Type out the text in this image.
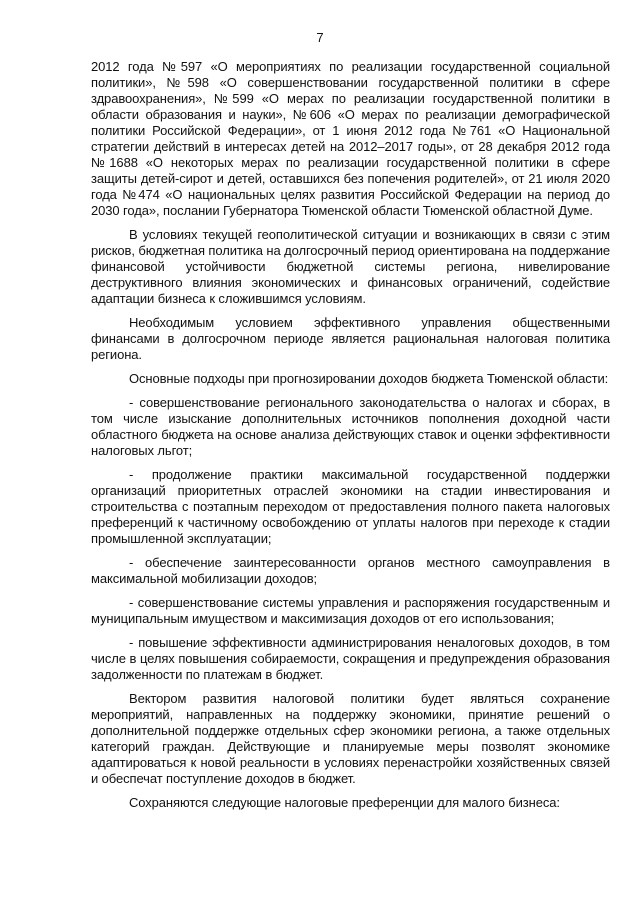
7

2012 года №597 «О мероприятиях по реализации государственной социальной политики», №598 «О совершенствовании государственной политики в сфере здравоохранения», №599 «О мерах по реализации государственной политики в области образования и науки», №606 «О мерах по реализации демографической политики Российской Федерации», от 1 июня 2012 года №761 «О Национальной стратегии действий в интересах детей на 2012–2017 годы», от 28 декабря 2012 года №1688 «О некоторых мерах по реализации государственной политики в сфере защиты детей-сирот и детей, оставшихся без попечения родителей», от 21 июля 2020 года №474 «О национальных целях развития Российской Федерации на период до 2030 года», послании Губернатора Тюменской области Тюменской областной Думе.

В условиях текущей геополитической ситуации и возникающих в связи с этим рисков, бюджетная политика на долгосрочный период ориентирована на поддержание финансовой устойчивости бюджетной системы региона, нивелирование деструктивного влияния экономических и финансовых ограничений, содействие адаптации бизнеса к сложившимся условиям.

Необходимым условием эффективного управления общественными финансами в долгосрочном периоде является рациональная налоговая политика региона.

Основные подходы при прогнозировании доходов бюджета Тюменской области:

- совершенствование регионального законодательства о налогах и сборах, в том числе изыскание дополнительных источников пополнения доходной части областного бюджета на основе анализа действующих ставок и оценки эффективности налоговых льгот;

- продолжение практики максимальной государственной поддержки организаций приоритетных отраслей экономики на стадии инвестирования и строительства с поэтапным переходом от предоставления полного пакета налоговых преференций к частичному освобождению от уплаты налогов при переходе к стадии промышленной эксплуатации;

- обеспечение заинтересованности органов местного самоуправления в максимальной мобилизации доходов;

- совершенствование системы управления и распоряжения государственным и муниципальным имуществом и максимизация доходов от его использования;

- повышение эффективности администрирования неналоговых доходов, в том числе в целях повышения собираемости, сокращения и предупреждения образования задолженности по платежам в бюджет.

Вектором развития налоговой политики будет являться сохранение мероприятий, направленных на поддержку экономики, принятие решений о дополнительной поддержке отдельных сфер экономики региона, а также отдельных категорий граждан. Действующие и планируемые меры позволят экономике адаптироваться к новой реальности в условиях перенастройки хозяйственных связей и обеспечат поступление доходов в бюджет.

Сохраняются следующие налоговые преференции для малого бизнеса:
